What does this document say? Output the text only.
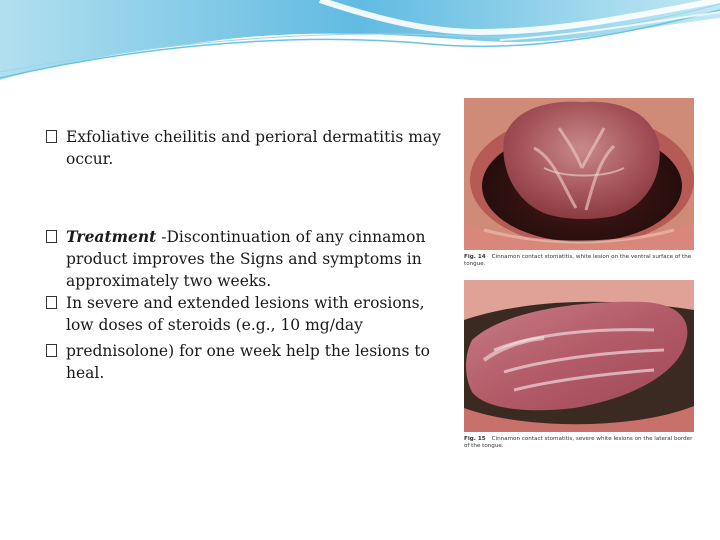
Exfoliative cheilitis and perioral dermatitis may occur.
Treatment -Discontinuation of any cinnamon product improves the Signs and symptoms in approximately two weeks.
In severe and extended lesions with erosions, low doses of steroids (e.g., 10 mg/day
prednisolone) for one week help the lesions to heal.
Fig. 14 Cinnamon contact stomatitis, white lesion on the ventral surface of the tongue.
Fig. 15 Cinnamon contact stomatitis, severe white lesions on the lateral border of the tongue.
